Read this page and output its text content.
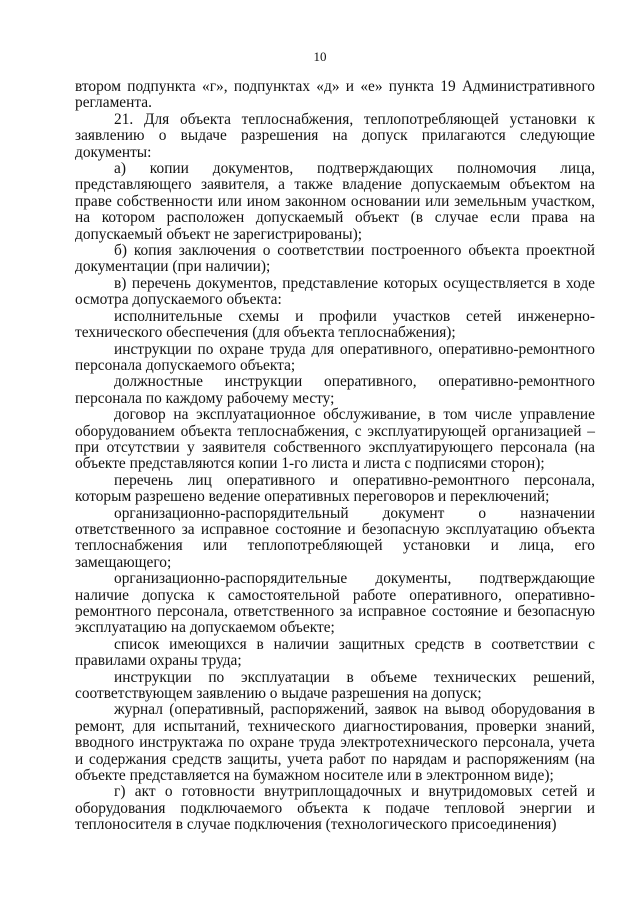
10

втором подпункта «г», подпунктах «д» и «е» пункта 19 Административного регламента.

21. Для объекта теплоснабжения, теплопотребляющей установки к заявлению о выдаче разрешения на допуск прилагаются следующие документы:

а) копии документов, подтверждающих полномочия лица, представляющего заявителя, а также владение допускаемым объектом на праве собственности или ином законном основании или земельным участком, на котором расположен допускаемый объект (в случае если права на допускаемый объект не зарегистрированы);

б) копия заключения о соответствии построенного объекта проектной документации (при наличии);

в) перечень документов, представление которых осуществляется в ходе осмотра допускаемого объекта:

исполнительные схемы и профили участков сетей инженерно-технического обеспечения (для объекта теплоснабжения);

инструкции по охране труда для оперативного, оперативно-ремонтного персонала допускаемого объекта;

должностные инструкции оперативного, оперативно-ремонтного персонала по каждому рабочему месту;

договор на эксплуатационное обслуживание, в том числе управление оборудованием объекта теплоснабжения, с эксплуатирующей организацией – при отсутствии у заявителя собственного эксплуатирующего персонала (на объекте представляются копии 1-го листа и листа с подписями сторон);

перечень лиц оперативного и оперативно-ремонтного персонала, которым разрешено ведение оперативных переговоров и переключений;

организационно-распорядительный документ о назначении ответственного за исправное состояние и безопасную эксплуатацию объекта теплоснабжения или теплопотребляющей установки и лица, его замещающего;

организационно-распорядительные документы, подтверждающие наличие допуска к самостоятельной работе оперативного, оперативно-ремонтного персонала, ответственного за исправное состояние и безопасную эксплуатацию на допускаемом объекте;

список имеющихся в наличии защитных средств в соответствии с правилами охраны труда;

инструкции по эксплуатации в объеме технических решений, соответствующем заявлению о выдаче разрешения на допуск;

журнал (оперативный, распоряжений, заявок на вывод оборудования в ремонт, для испытаний, технического диагностирования, проверки знаний, вводного инструктажа по охране труда электротехнического персонала, учета и содержания средств защиты, учета работ по нарядам и распоряжениям (на объекте представляется на бумажном носителе или в электронном виде);

г) акт о готовности внутриплощадочных и внутридомовых сетей и оборудования подключаемого объекта к подаче тепловой энергии и теплоносителя в случае подключения (технологического присоединения)
